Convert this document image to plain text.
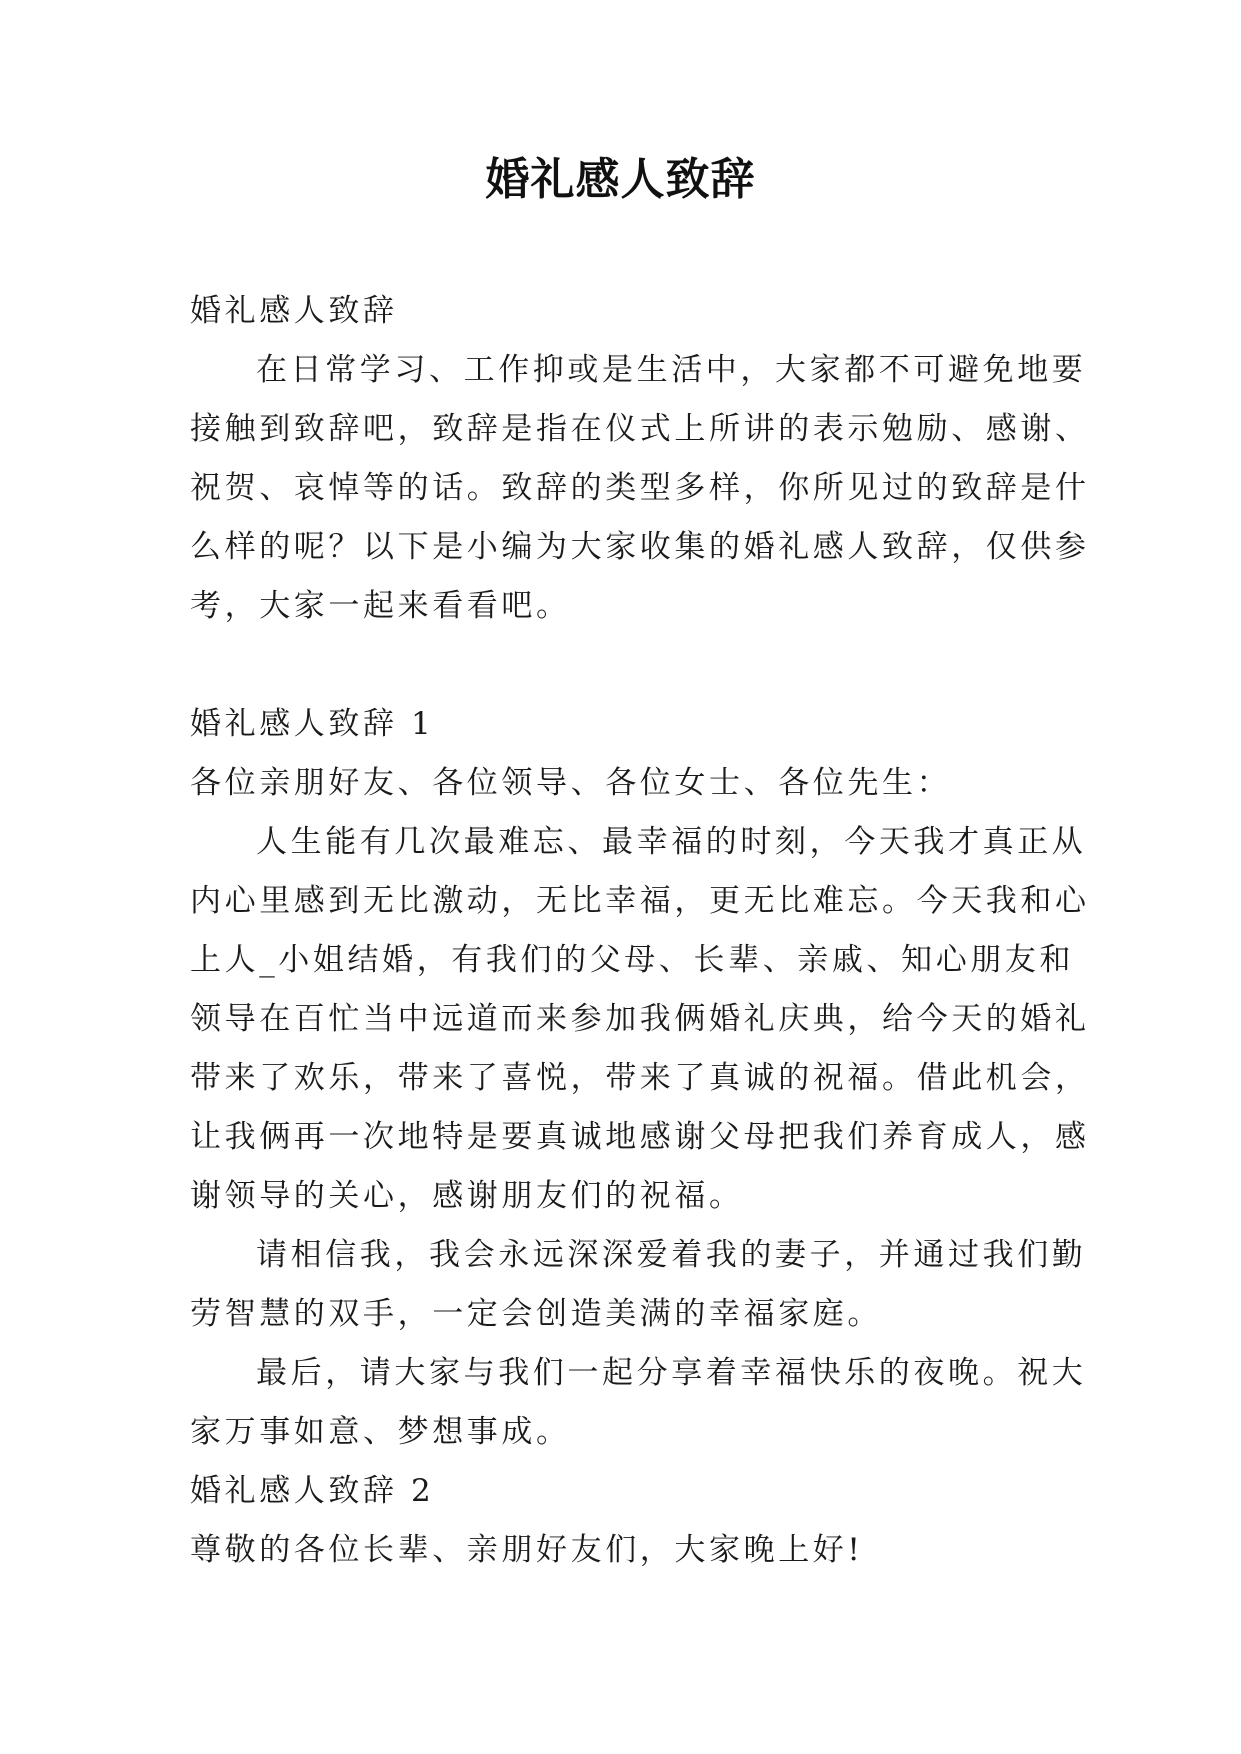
婚礼感人致辞
婚礼感人致辞
在日常学习、工作抑或是生活中，大家都不可避免地要
接触到致辞吧，致辞是指在仪式上所讲的表示勉励、感谢、
祝贺、哀悼等的话。致辞的类型多样，你所见过的致辞是什
么样的呢？以下是小编为大家收集的婚礼感人致辞，仅供参
考，大家一起来看看吧。
婚礼感人致辞 1
各位亲朋好友、各位领导、各位女士、各位先生：
人生能有几次最难忘、最幸福的时刻，今天我才真正从
内心里感到无比激动，无比幸福，更无比难忘。今天我和心
上人_小姐结婚，有我们的父母、长辈、亲戚、知心朋友和
领导在百忙当中远道而来参加我俩婚礼庆典，给今天的婚礼
带来了欢乐，带来了喜悦，带来了真诚的祝福。借此机会，
让我俩再一次地特是要真诚地感谢父母把我们养育成人，感
谢领导的关心，感谢朋友们的祝福。
请相信我，我会永远深深爱着我的妻子，并通过我们勤
劳智慧的双手，一定会创造美满的幸福家庭。
最后，请大家与我们一起分享着幸福快乐的夜晚。祝大
家万事如意、梦想事成。
婚礼感人致辞 2
尊敬的各位长辈、亲朋好友们，大家晚上好!
